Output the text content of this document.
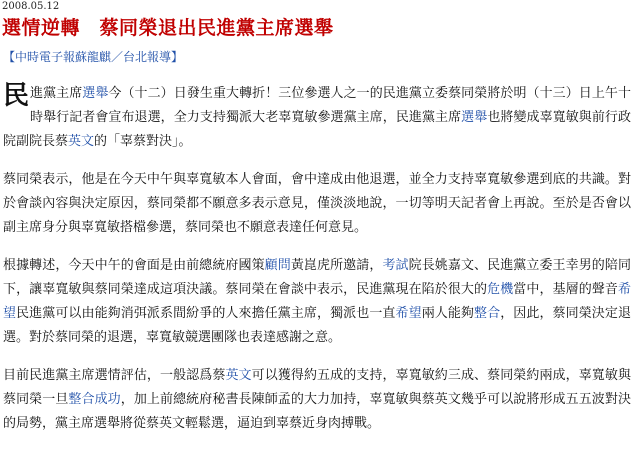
2008.05.12
選情逆轉　蔡同榮退出民進黨主席選舉
【中時電子報蘇龍麒／台北報導】

民 進黨主席選舉今（十二）日發生重大轉折！三位參選人之一的民進黨立委蔡同榮將於明（十三）日上午十時舉行記者會宣布退選，全力支持獨派大老辜寬敏參選黨主席，民進黨主席選舉也將變成辜寬敏與前行政院副院長蔡英文的「辜蔡對決」。

蔡同榮表示，他是在今天中午與辜寬敏本人會面，會中達成由他退選，並全力支持辜寬敏參選到底的共識。對於會談內容與決定原因，蔡同榮都不願意多表示意見，僅淡淡地說，一切等明天記者會上再說。至於是否會以副主席身分與辜寬敏搭檔參選，蔡同榮也不願意表達任何意見。

根據轉述，今天中午的會面是由前總統府國策顧問黃崑虎所邀請，考試院長姚嘉文、民進黨立委王幸男的陪同下，讓辜寬敏與蔡同榮達成這項決議。蔡同榮在會談中表示，民進黨現在陷於很大的危機當中，基層的聲音希望民進黨可以由能夠消弭派系間紛爭的人來擔任黨主席，獨派也一直希望兩人能夠整合，因此，蔡同榮決定退選。對於蔡同榮的退選，辜寬敏競選團隊也表達感謝之意。

目前民進黨主席選情評估，一般認爲蔡英文可以獲得約五成的支持，辜寬敏約三成、蔡同榮約兩成，辜寬敏與蔡同榮一旦整合成功，加上前總統府秘書長陳師孟的大力加持，辜寬敏與蔡英文幾乎可以說將形成五五波對決的局勢，黨主席選舉將從蔡英文輕鬆選，逼迫到辜蔡近身肉搏戰。
